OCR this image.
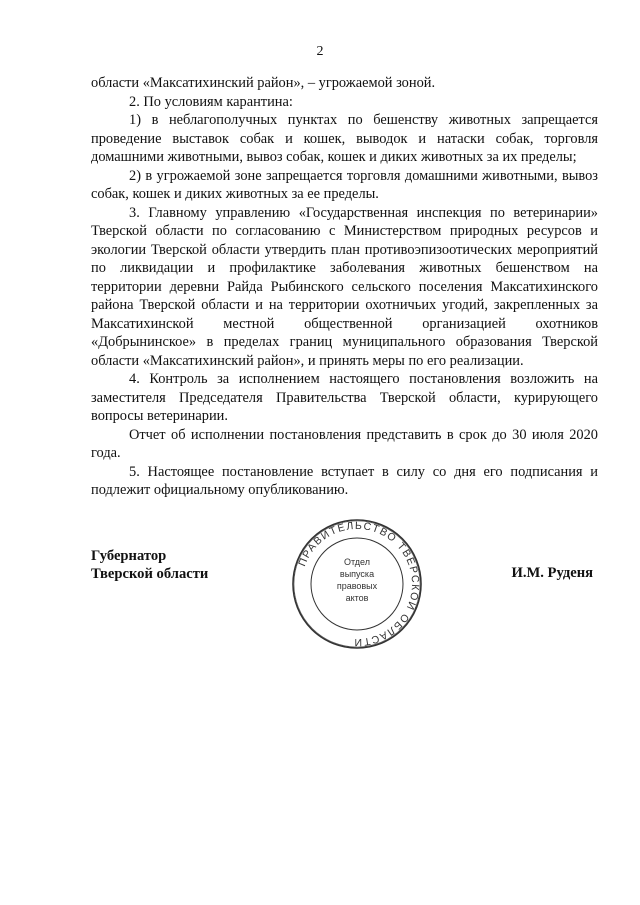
2

области «Максатихинский район», – угрожаемой зоной.

2. По условиям карантина:

1) в неблагополучных пунктах по бешенству животных запрещается проведение выставок собак и кошек, выводок и натаски собак, торговля домашними животными, вывоз собак, кошек и диких животных за их пределы;

2) в угрожаемой зоне запрещается торговля домашними животными, вывоз собак, кошек и диких животных за ее пределы.

3. Главному управлению «Государственная инспекция по ветеринарии» Тверской области по согласованию с Министерством природных ресурсов и экологии Тверской области утвердить план противоэпизоотических мероприятий по ликвидации и профилактике заболевания животных бешенством на территории деревни Райда Рыбинского сельского поселения Максатихинского района Тверской области и на территории охотничьих угодий, закрепленных за Максатихинской местной общественной организацией охотников «Добрынинское» в пределах границ муниципального образования Тверской области «Максатихинский район», и принять меры по его реализации.

4. Контроль за исполнением настоящего постановления возложить на заместителя Председателя Правительства Тверской области, курирующего вопросы ветеринарии.

Отчет об исполнении постановления представить в срок до 30 июля 2020 года.

5. Настоящее постановление вступает в силу со дня его подписания и подлежит официальному опубликованию.

Губернатор
Тверской области
ПРАВИТЕЛЬСТВО ТВЕРСКОЙ ОБЛАСТИ
Отдел
выпуска
правовых
актов
И.М. Руденя
